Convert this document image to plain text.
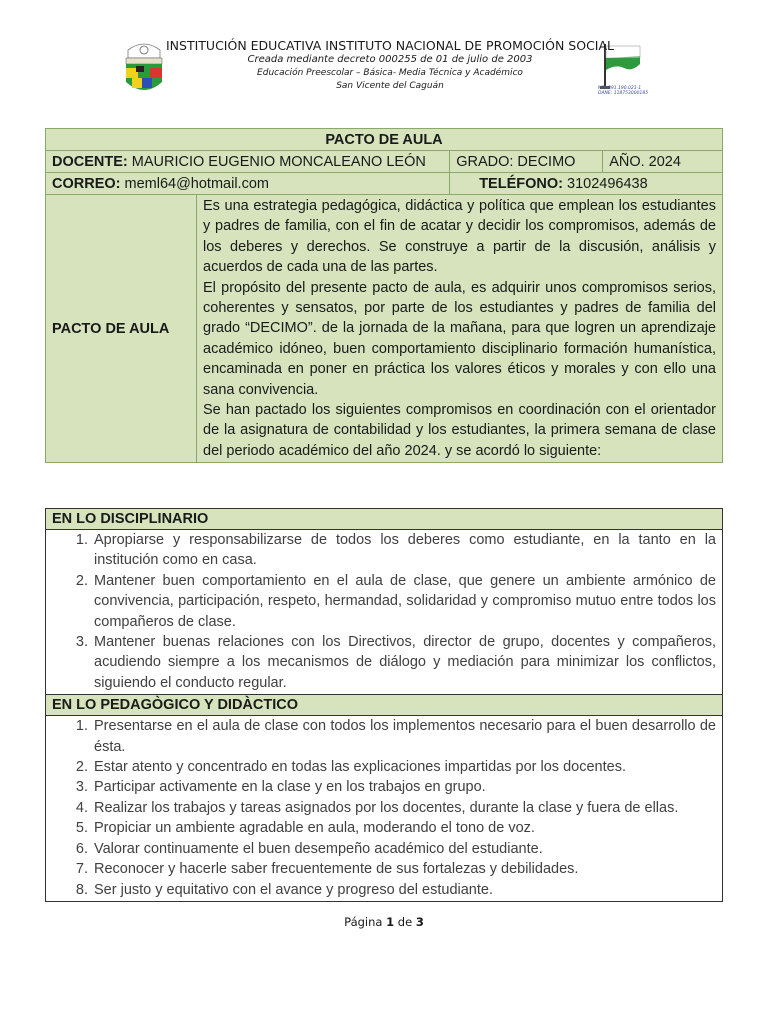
NIT: 891.190.021-1
DANE: 118753000185
INSTITUCIÓN EDUCATIVA INSTITUTO NACIONAL DE PROMOCIÓN SOCIAL
Creada mediante decreto 000255 de 01 de julio de 2003
Educación Preescolar – Básica- Media Técnica y Académico
San Vicente del Caguán
PACTO DE AULA			
DOCENTE: MAURICIO EUGENIO MONCALEANO LEÓN		GRADO: DECIMO	AÑO. 2024
CORREO: meml64@hotmail.com		TELÉFONO: 3102496438	
PACTO DE AULA	Es una estrategia pedagógica, didáctica y política que emplean los estudiantes y padres de familia, con el fin de acatar y decidir los compromisos, además de los deberes y derechos. Se construye a partir de la discusión, análisis y acuerdos de cada una de las partes.

El propósito del presente pacto de aula, es adquirir unos compromisos serios, coherentes y sensatos, por parte de los estudiantes y padres de familia del grado “DECIMO”. de la jornada de la mañana, para que logren un aprendizaje académico idóneo, buen comportamiento disciplinario formación humanística, encaminada en poner en práctica los valores éticos y morales y con ello una sana convivencia.

Se han pactado los siguientes compromisos en coordinación con el orientador de la asignatura de contabilidad y los estudiantes, la primera semana de clase del periodo académico del año 2024. y se acordó lo siguiente:		

EN LO DISCIPLINARIO

1. Apropiarse y responsabilizarse de todos los deberes como estudiante, en la tanto en la institución como en casa.
2. Mantener buen comportamiento en el aula de clase, que genere un ambiente armónico de convivencia, participación, respeto, hermandad, solidaridad y compromiso mutuo entre todos los compañeros de clase.
3. Mantener buenas relaciones con los Directivos, director de grupo, docentes y compañeros, acudiendo siempre a los mecanismos de diálogo y mediación para minimizar los conflictos, siguiendo el conducto regular.

EN LO PEDAGÒGICO Y DIDÀCTICO

1. Presentarse en el aula de clase con todos los implementos necesario para el buen desarrollo de ésta.
2. Estar atento y concentrado en todas las explicaciones impartidas por los docentes.
3. Participar activamente en la clase y en los trabajos en grupo.
4. Realizar los trabajos y tareas asignados por los docentes, durante la clase y fuera de ellas.
5. Propiciar un ambiente agradable en aula, moderando el tono de voz.
6. Valorar continuamente el buen desempeño académico del estudiante.
7. Reconocer y hacerle saber frecuentemente de sus fortalezas y debilidades.
8. Ser justo y equitativo con el avance y progreso del estudiante.
Página 1 de 3
